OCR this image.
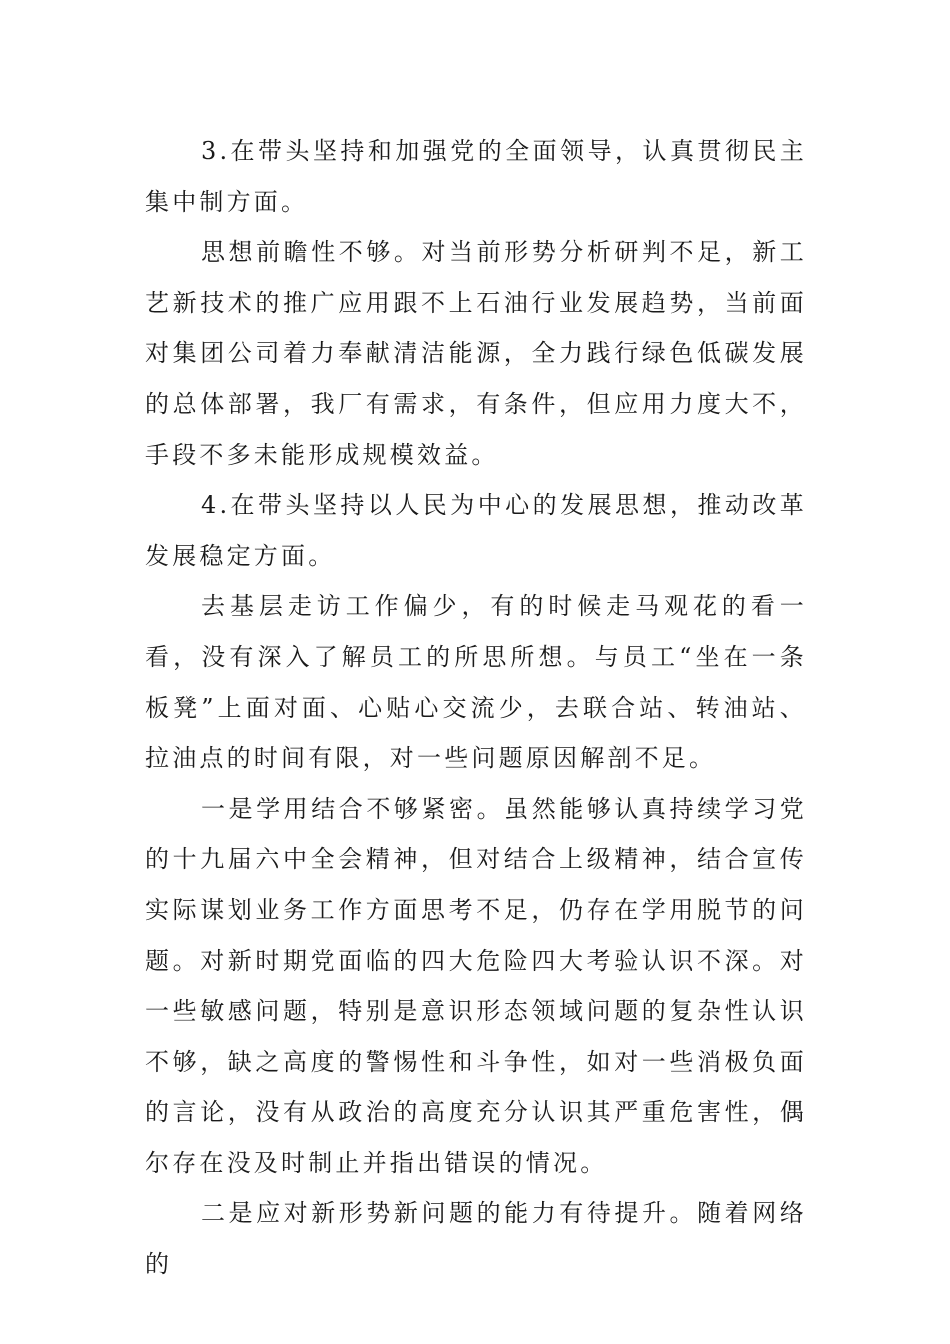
3.在带头坚持和加强党的全面领导，认真贯彻民主集中制方面。

思想前瞻性不够。对当前形势分析研判不足，新工艺新技术的推广应用跟不上石油行业发展趋势，当前面对集团公司着力奉献清洁能源，全力践行绿色低碳发展的总体部署，我厂有需求，有条件，但应用力度大不，手段不多未能形成规模效益。

4.在带头坚持以人民为中心的发展思想，推动改革发展稳定方面。

去基层走访工作偏少，有的时候走马观花的看一看，没有深入了解员工的所思所想。与员工“坐在一条板凳”上面对面、心贴心交流少，去联合站、转油站、拉油点的时间有限，对一些问题原因解剖不足。

一是学用结合不够紧密。虽然能够认真持续学习党的十九届六中全会精神，但对结合上级精神，结合宣传实际谋划业务工作方面思考不足，仍存在学用脱节的问题。对新时期党面临的四大危险四大考验认识不深。对一些敏感问题，特别是意识形态领域问题的复杂性认识不够，缺之高度的警惕性和斗争性，如对一些消极负面的言论，没有从政治的高度充分认识其严重危害性，偶尔存在没及时制止并指出错误的情况。

二是应对新形势新问题的能力有待提升。随着网络的
